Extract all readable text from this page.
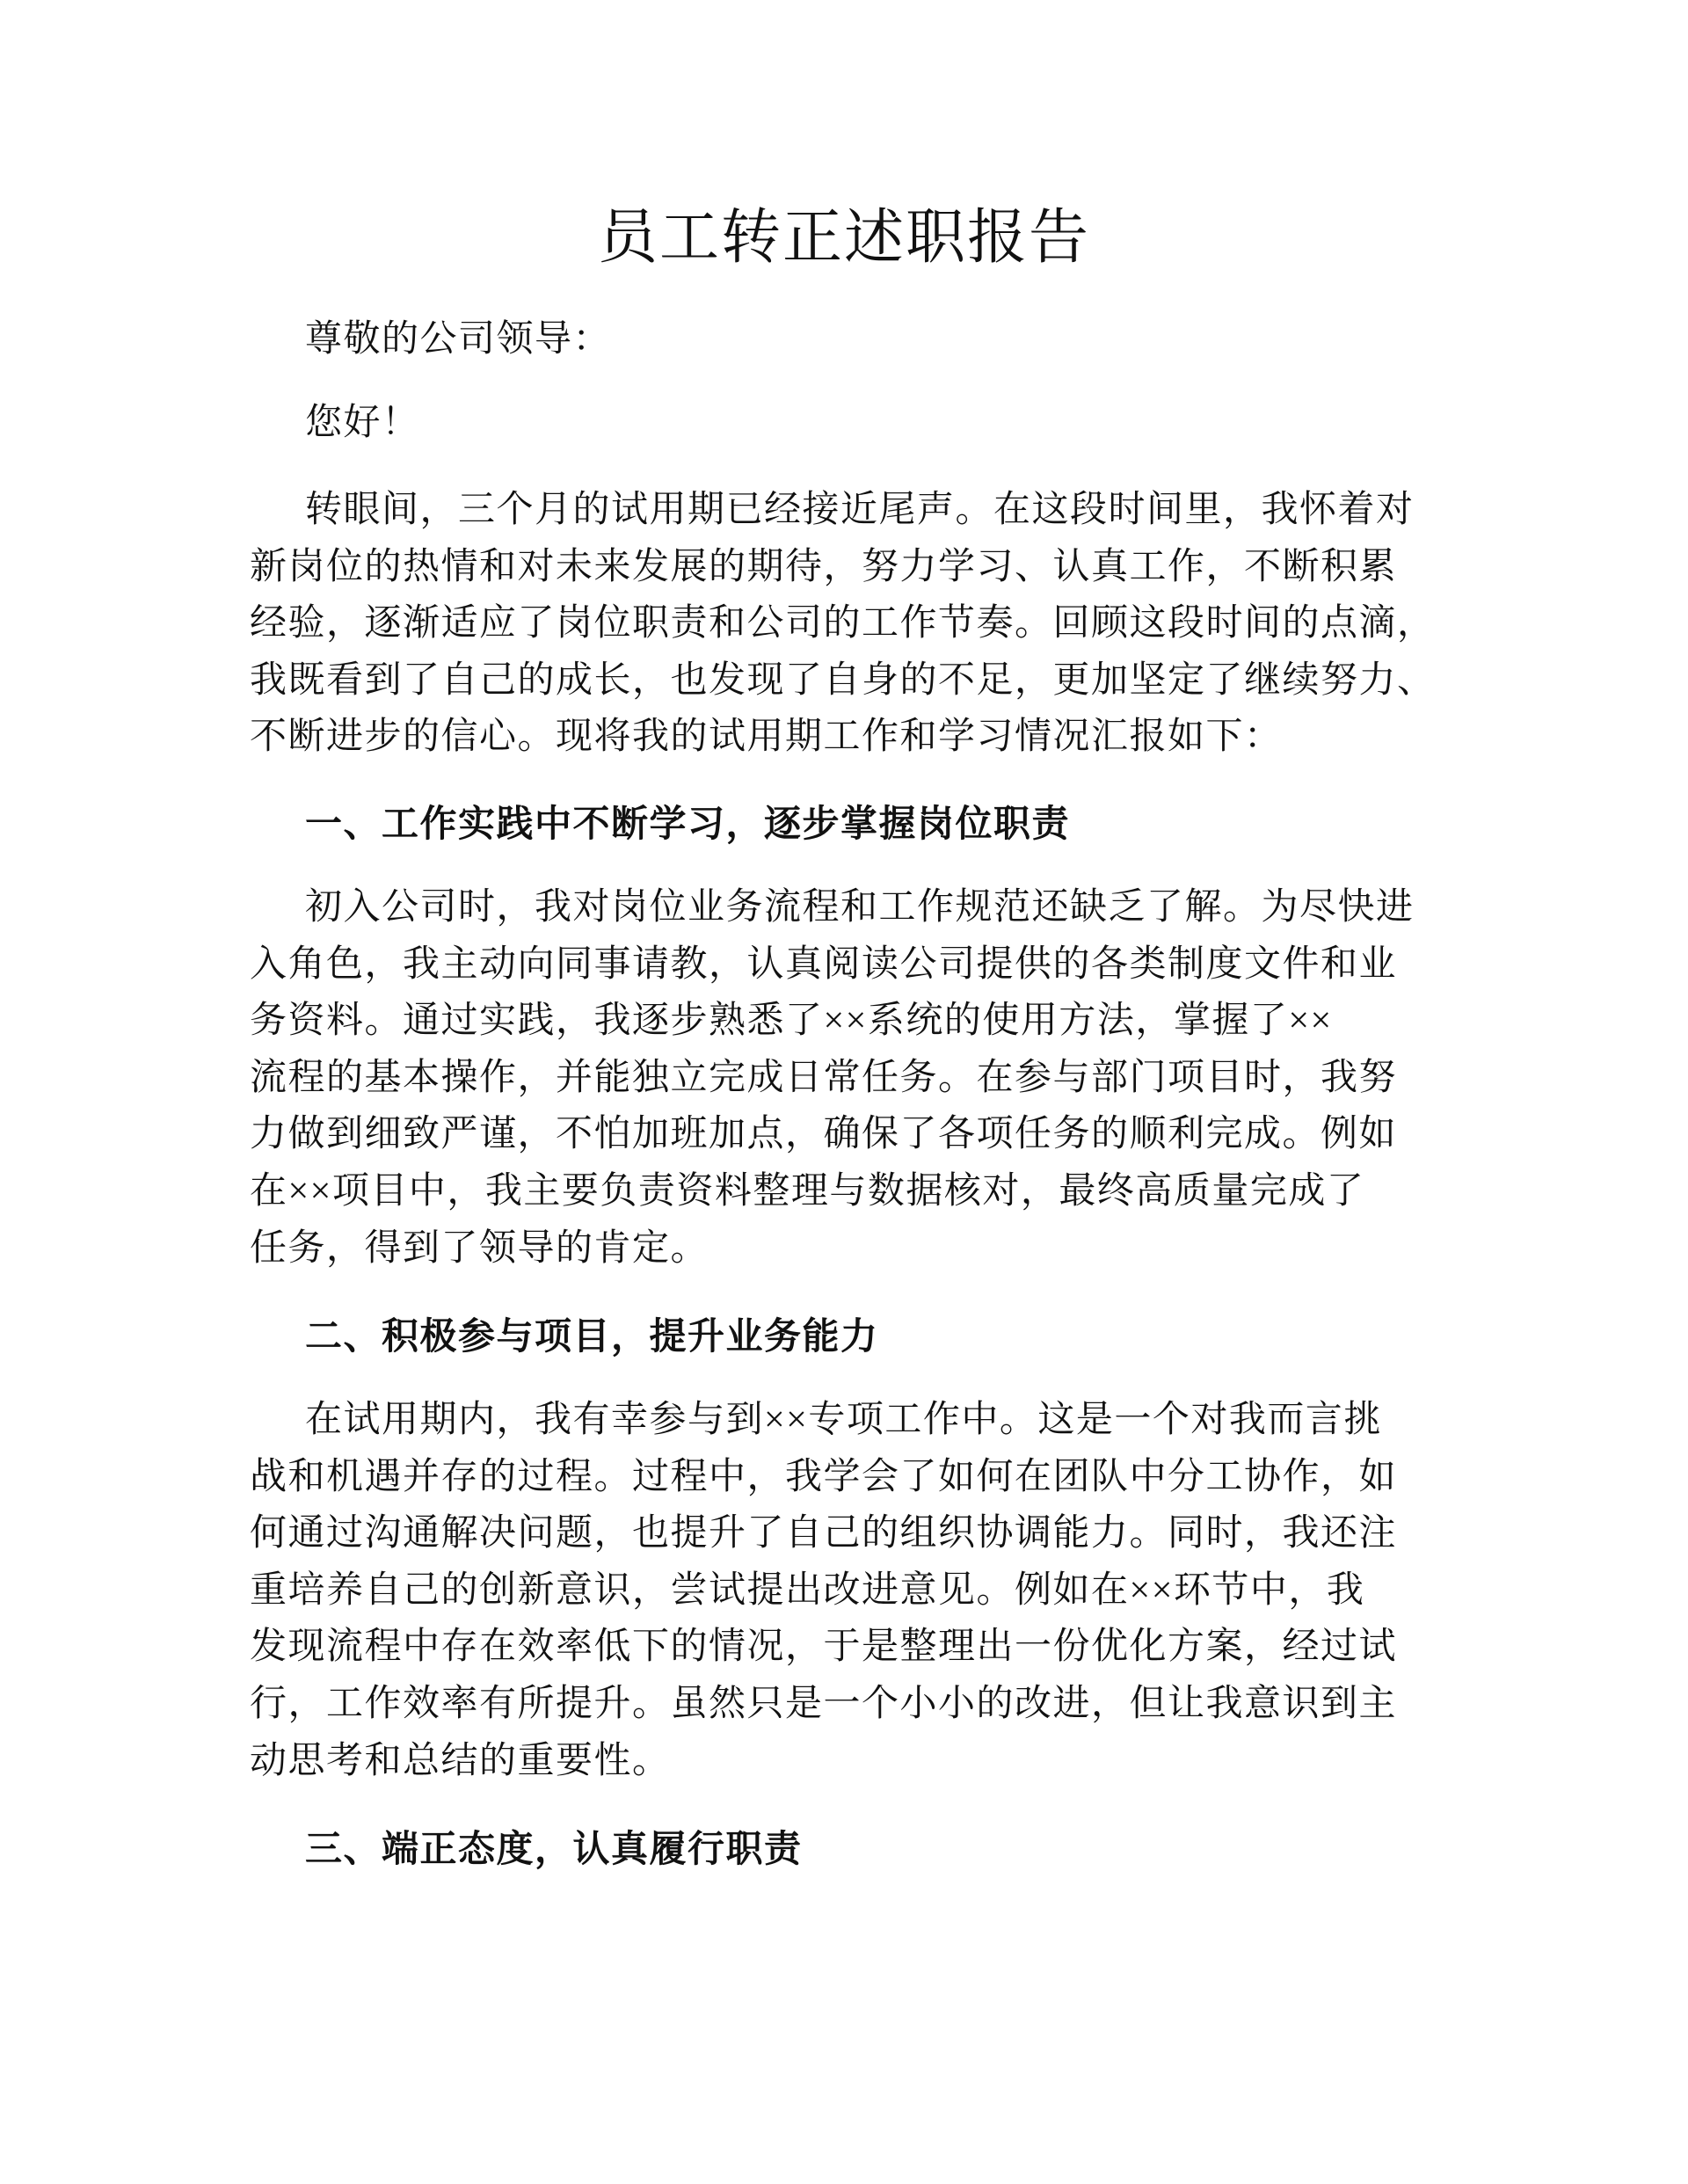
员工转正述职报告
尊敬的公司领导：
您好！
转眼间，三个月的试用期已经接近尾声。在这段时间里，我怀着对
新岗位的热情和对未来发展的期待，努力学习、认真工作，不断积累
经验，逐渐适应了岗位职责和公司的工作节奏。回顾这段时间的点滴，
我既看到了自己的成长，也发现了自身的不足，更加坚定了继续努力、
不断进步的信心。现将我的试用期工作和学习情况汇报如下：
一、工作实践中不断学习，逐步掌握岗位职责
初入公司时，我对岗位业务流程和工作规范还缺乏了解。为尽快进
入角色，我主动向同事请教，认真阅读公司提供的各类制度文件和业
务资料。通过实践，我逐步熟悉了××系统的使用方法，掌握了××
流程的基本操作，并能独立完成日常任务。在参与部门项目时，我努
力做到细致严谨，不怕加班加点，确保了各项任务的顺利完成。例如
在××项目中，我主要负责资料整理与数据核对，最终高质量完成了
任务，得到了领导的肯定。
二、积极参与项目，提升业务能力
在试用期内，我有幸参与到××专项工作中。这是一个对我而言挑
战和机遇并存的过程。过程中，我学会了如何在团队中分工协作，如
何通过沟通解决问题，也提升了自己的组织协调能力。同时，我还注
重培养自己的创新意识，尝试提出改进意见。例如在××环节中，我
发现流程中存在效率低下的情况，于是整理出一份优化方案，经过试
行，工作效率有所提升。虽然只是一个小小的改进，但让我意识到主
动思考和总结的重要性。
三、端正态度，认真履行职责
